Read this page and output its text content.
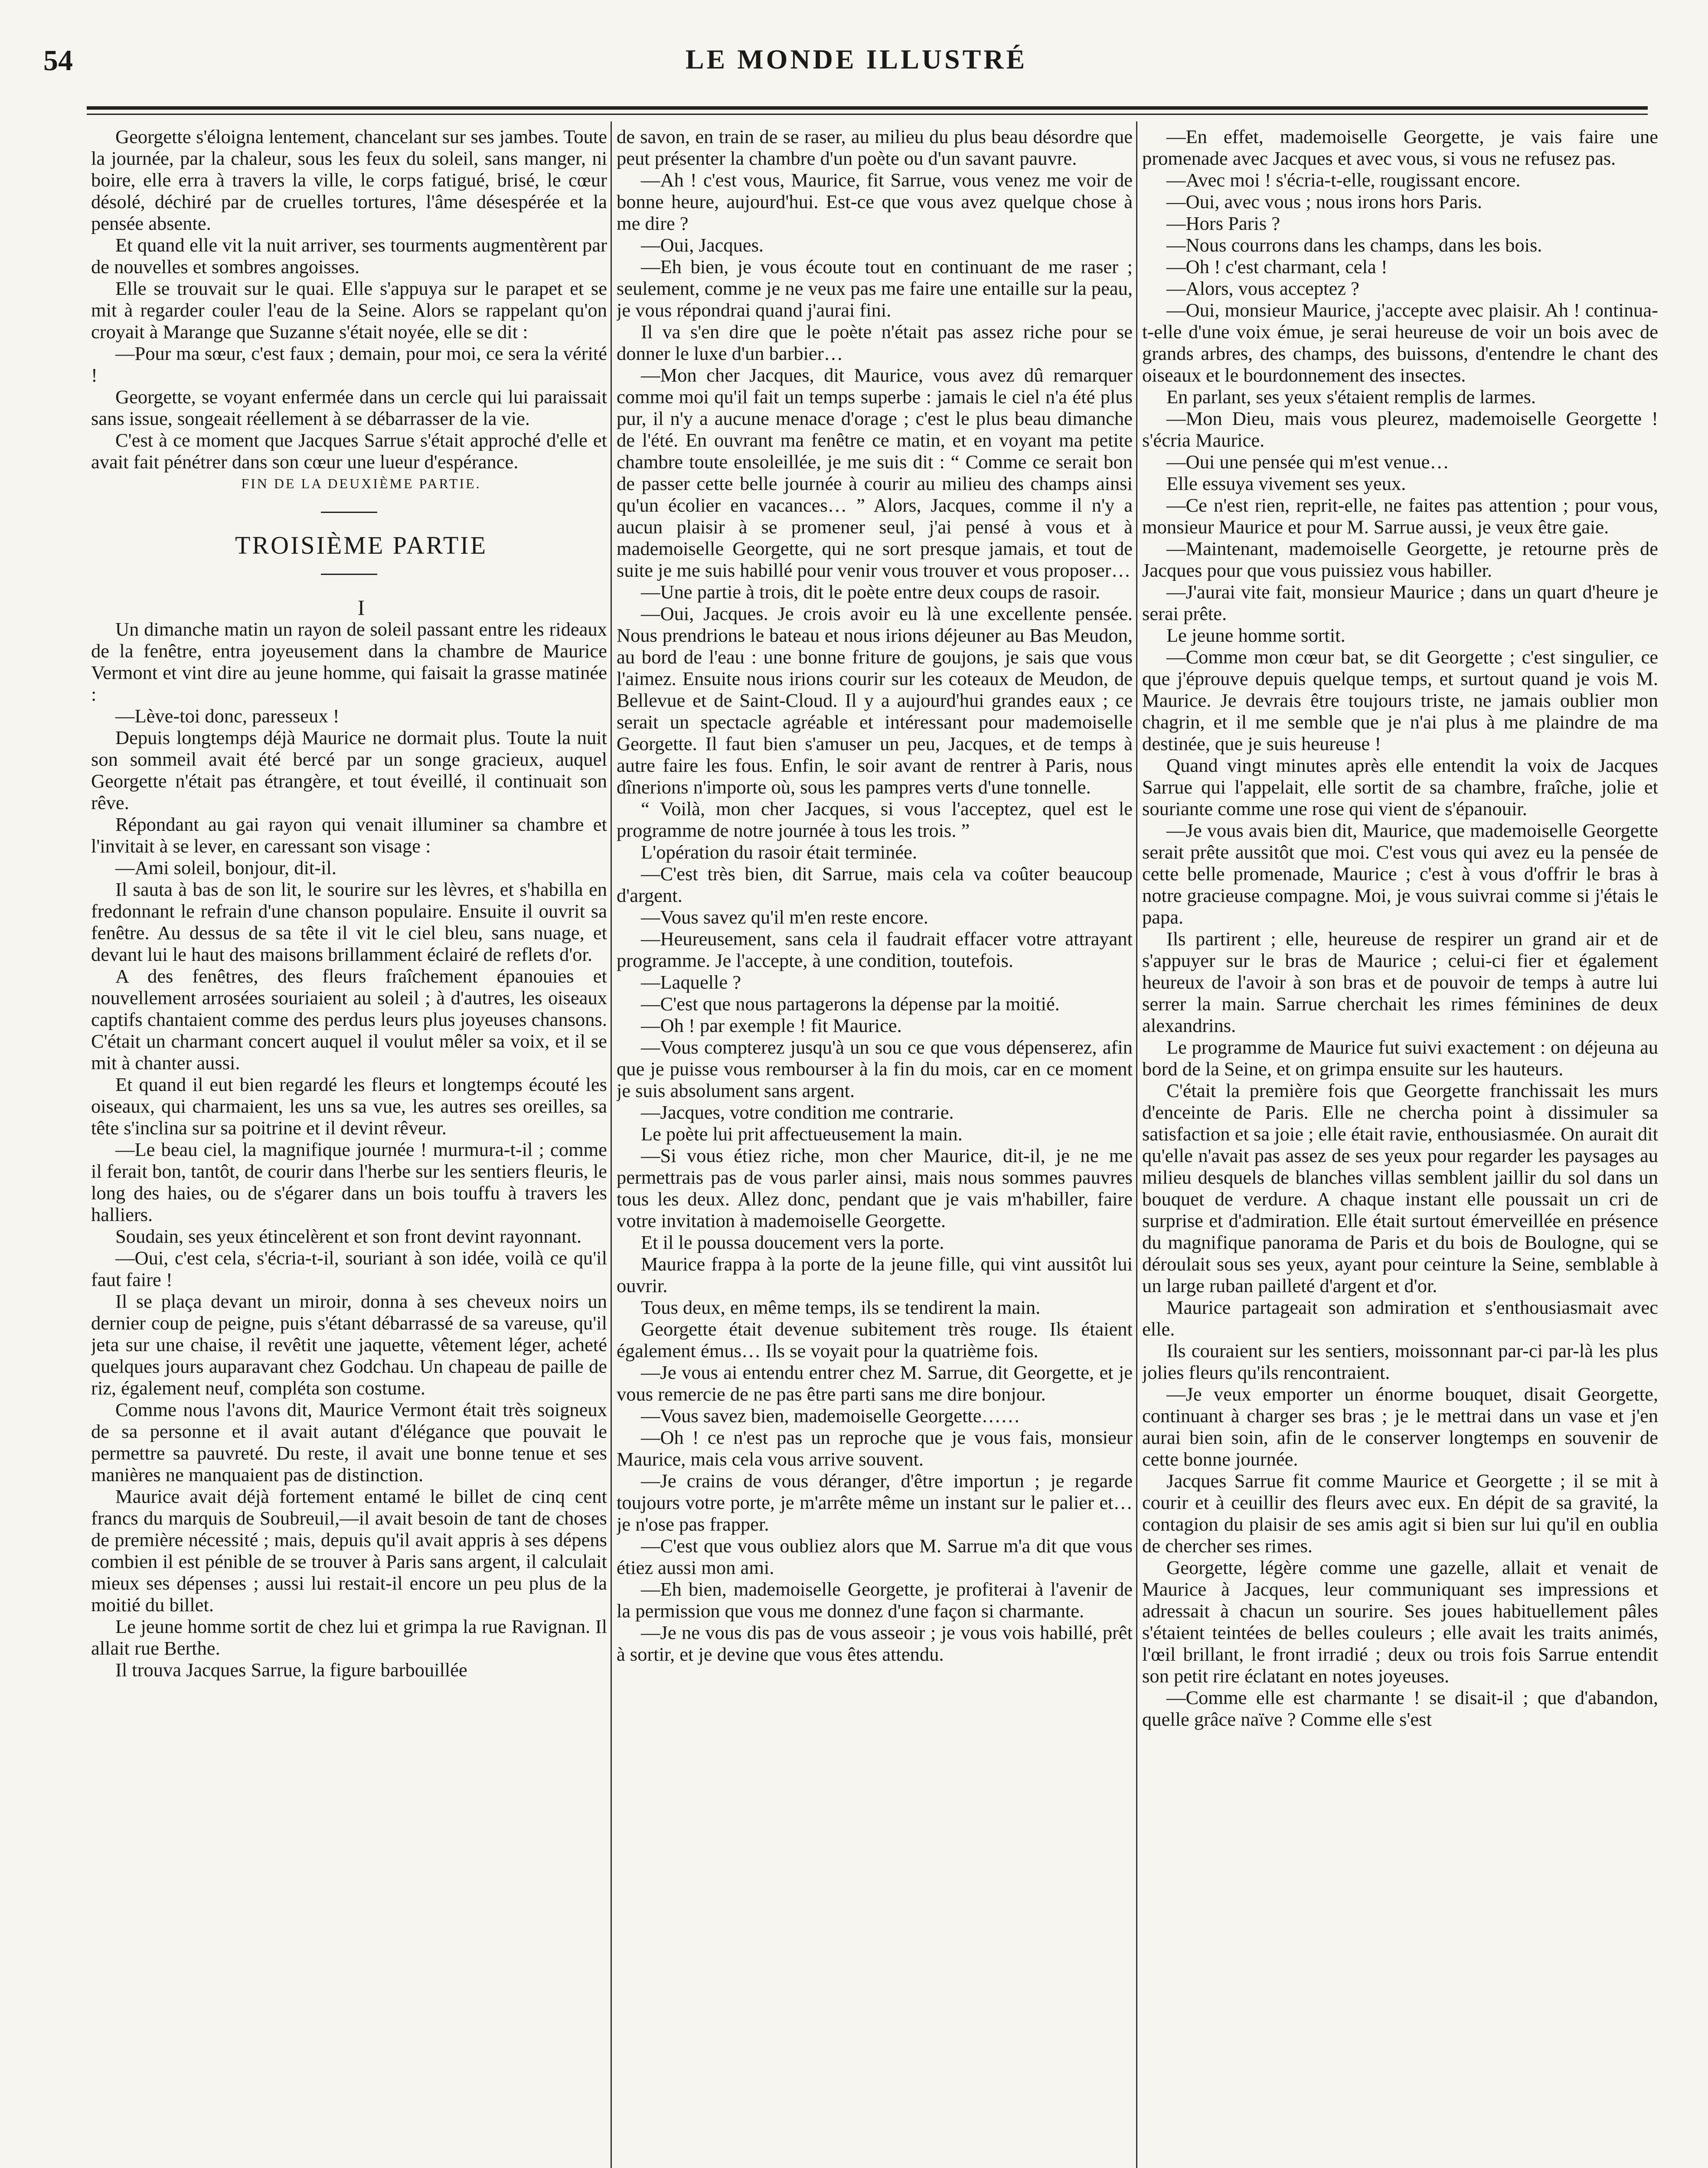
54	LE MONDE ILLUSTRÉ

Georgette s'éloigna lentement, chancelant sur ses jambes. Toute la journée, par la chaleur, sous les feux du soleil, sans manger, ni boire, elle erra à travers la ville, le corps fatigué, brisé, le cœur désolé, déchiré par de cruelles tortures, l'âme désespérée et la pensée absente.

Et quand elle vit la nuit arriver, ses tourments augmentèrent par de nouvelles et sombres angoisses.

Elle se trouvait sur le quai. Elle s'appuya sur le parapet et se mit à regarder couler l'eau de la Seine. Alors se rappelant qu'on croyait à Marange que Suzanne s'était noyée, elle se dit :

—Pour ma sœur, c'est faux ; demain, pour moi, ce sera la vérité !

Georgette, se voyant enfermée dans un cercle qui lui paraissait sans issue, songeait réellement à se débarrasser de la vie.

C'est à ce moment que Jacques Sarrue s'était approché d'elle et avait fait pénétrer dans son cœur une lueur d'espérance.

FIN DE LA DEUXIÈME PARTIE.

TROISIÈME PARTIE

I

Un dimanche matin un rayon de soleil passant entre les rideaux de la fenêtre, entra joyeusement dans la chambre de Maurice Vermont et vint dire au jeune homme, qui faisait la grasse matinée :

—Lève-toi donc, paresseux !

Depuis longtemps déjà Maurice ne dormait plus. Toute la nuit son sommeil avait été bercé par un songe gracieux, auquel Georgette n'était pas étrangère, et tout éveillé, il continuait son rêve.

Répondant au gai rayon qui venait illuminer sa chambre et l'invitait à se lever, en caressant son visage :

—Ami soleil, bonjour, dit-il.

Il sauta à bas de son lit, le sourire sur les lèvres, et s'habilla en fredonnant le refrain d'une chanson populaire. Ensuite il ouvrit sa fenêtre. Au dessus de sa tête il vit le ciel bleu, sans nuage, et devant lui le haut des maisons brillamment éclairé de reflets d'or.

A des fenêtres, des fleurs fraîchement épanouies et nouvellement arrosées souriaient au soleil ; à d'autres, les oiseaux captifs chantaient comme des perdus leurs plus joyeuses chansons. C'était un charmant concert auquel il voulut mêler sa voix, et il se mit à chanter aussi.

Et quand il eut bien regardé les fleurs et longtemps écouté les oiseaux, qui charmaient, les uns sa vue, les autres ses oreilles, sa tête s'inclina sur sa poitrine et il devint rêveur.

—Le beau ciel, la magnifique journée ! murmura-t-il ; comme il ferait bon, tantôt, de courir dans l'herbe sur les sentiers fleuris, le long des haies, ou de s'égarer dans un bois touffu à travers les halliers.

Soudain, ses yeux étincelèrent et son front devint rayonnant.

—Oui, c'est cela, s'écria-t-il, souriant à son idée, voilà ce qu'il faut faire !

Il se plaça devant un miroir, donna à ses cheveux noirs un dernier coup de peigne, puis s'étant débarrassé de sa vareuse, qu'il jeta sur une chaise, il revêtit une jaquette, vêtement léger, acheté quelques jours auparavant chez Godchau. Un chapeau de paille de riz, également neuf, compléta son costume.

Comme nous l'avons dit, Maurice Vermont était très soigneux de sa personne et il avait autant d'élégance que pouvait le permettre sa pauvreté. Du reste, il avait une bonne tenue et ses manières ne manquaient pas de distinction.

Maurice avait déjà fortement entamé le billet de cinq cent francs du marquis de Soubreuil,—il avait besoin de tant de choses de première nécessité ; mais, depuis qu'il avait appris à ses dépens combien il est pénible de se trouver à Paris sans argent, il calculait mieux ses dépenses ; aussi lui restait-il encore un peu plus de la moitié du billet.

Le jeune homme sortit de chez lui et grimpa la rue Ravignan. Il allait rue Berthe.

Il trouva Jacques Sarrue, la figure barbouillée

de savon, en train de se raser, au milieu du plus beau désordre que peut présenter la chambre d'un poète ou d'un savant pauvre.

—Ah ! c'est vous, Maurice, fit Sarrue, vous venez me voir de bonne heure, aujourd'hui. Est-ce que vous avez quelque chose à me dire ?

—Oui, Jacques.

—Eh bien, je vous écoute tout en continuant de me raser ; seulement, comme je ne veux pas me faire une entaille sur la peau, je vous répondrai quand j'aurai fini.

Il va s'en dire que le poète n'était pas assez riche pour se donner le luxe d'un barbier…

—Mon cher Jacques, dit Maurice, vous avez dû remarquer comme moi qu'il fait un temps superbe : jamais le ciel n'a été plus pur, il n'y a aucune menace d'orage ; c'est le plus beau dimanche de l'été. En ouvrant ma fenêtre ce matin, et en voyant ma petite chambre toute ensoleillée, je me suis dit : “ Comme ce serait bon de passer cette belle journée à courir au milieu des champs ainsi qu'un écolier en vacances… ” Alors, Jacques, comme il n'y a aucun plaisir à se promener seul, j'ai pensé à vous et à mademoiselle Georgette, qui ne sort presque jamais, et tout de suite je me suis habillé pour venir vous trouver et vous proposer…

—Une partie à trois, dit le poète entre deux coups de rasoir.

—Oui, Jacques. Je crois avoir eu là une excellente pensée. Nous prendrions le bateau et nous irions déjeuner au Bas Meudon, au bord de l'eau : une bonne friture de goujons, je sais que vous l'aimez. Ensuite nous irions courir sur les coteaux de Meudon, de Bellevue et de Saint-Cloud. Il y a aujourd'hui grandes eaux ; ce serait un spectacle agréable et intéressant pour mademoiselle Georgette. Il faut bien s'amuser un peu, Jacques, et de temps à autre faire les fous. Enfin, le soir avant de rentrer à Paris, nous dînerions n'importe où, sous les pampres verts d'une tonnelle.

“ Voilà, mon cher Jacques, si vous l'acceptez, quel est le programme de notre journée à tous les trois. ”

L'opération du rasoir était terminée.

—C'est très bien, dit Sarrue, mais cela va coûter beaucoup d'argent.

—Vous savez qu'il m'en reste encore.

—Heureusement, sans cela il faudrait effacer votre attrayant programme. Je l'accepte, à une condition, toutefois.

—Laquelle ?

—C'est que nous partagerons la dépense par la moitié.

—Oh ! par exemple ! fit Maurice.

—Vous compterez jusqu'à un sou ce que vous dépenserez, afin que je puisse vous rembourser à la fin du mois, car en ce moment je suis absolument sans argent.

—Jacques, votre condition me contrarie.

Le poète lui prit affectueusement la main.

—Si vous étiez riche, mon cher Maurice, dit-il, je ne me permettrais pas de vous parler ainsi, mais nous sommes pauvres tous les deux. Allez donc, pendant que je vais m'habiller, faire votre invitation à mademoiselle Georgette.

Et il le poussa doucement vers la porte.

Maurice frappa à la porte de la jeune fille, qui vint aussitôt lui ouvrir.

Tous deux, en même temps, ils se tendirent la main.

Georgette était devenue subitement très rouge. Ils étaient également émus… Ils se voyait pour la quatrième fois.

—Je vous ai entendu entrer chez M. Sarrue, dit Georgette, et je vous remercie de ne pas être parti sans me dire bonjour.

—Vous savez bien, mademoiselle Georgette……

—Oh ! ce n'est pas un reproche que je vous fais, monsieur Maurice, mais cela vous arrive souvent.

—Je crains de vous déranger, d'être importun ; je regarde toujours votre porte, je m'arrête même un instant sur le palier et… je n'ose pas frapper.

—C'est que vous oubliez alors que M. Sarrue m'a dit que vous étiez aussi mon ami.

—Eh bien, mademoiselle Georgette, je profiterai à l'avenir de la permission que vous me donnez d'une façon si charmante.

—Je ne vous dis pas de vous asseoir ; je vous vois habillé, prêt à sortir, et je devine que vous êtes attendu.

—En effet, mademoiselle Georgette, je vais faire une promenade avec Jacques et avec vous, si vous ne refusez pas.

—Avec moi ! s'écria-t-elle, rougissant encore.

—Oui, avec vous ; nous irons hors Paris.

—Hors Paris ?

—Nous courrons dans les champs, dans les bois.

—Oh ! c'est charmant, cela !

—Alors, vous acceptez ?

—Oui, monsieur Maurice, j'accepte avec plaisir. Ah ! continua-t-elle d'une voix émue, je serai heureuse de voir un bois avec de grands arbres, des champs, des buissons, d'entendre le chant des oiseaux et le bourdonnement des insectes.

En parlant, ses yeux s'étaient remplis de larmes.

—Mon Dieu, mais vous pleurez, mademoiselle Georgette ! s'écria Maurice.

—Oui une pensée qui m'est venue…

Elle essuya vivement ses yeux.

—Ce n'est rien, reprit-elle, ne faites pas attention ; pour vous, monsieur Maurice et pour M. Sarrue aussi, je veux être gaie.

—Maintenant, mademoiselle Georgette, je retourne près de Jacques pour que vous puissiez vous habiller.

—J'aurai vite fait, monsieur Maurice ; dans un quart d'heure je serai prête.

Le jeune homme sortit.

—Comme mon cœur bat, se dit Georgette ; c'est singulier, ce que j'éprouve depuis quelque temps, et surtout quand je vois M. Maurice. Je devrais être toujours triste, ne jamais oublier mon chagrin, et il me semble que je n'ai plus à me plaindre de ma destinée, que je suis heureuse !

Quand vingt minutes après elle entendit la voix de Jacques Sarrue qui l'appelait, elle sortit de sa chambre, fraîche, jolie et souriante comme une rose qui vient de s'épanouir.

—Je vous avais bien dit, Maurice, que mademoiselle Georgette serait prête aussitôt que moi. C'est vous qui avez eu la pensée de cette belle promenade, Maurice ; c'est à vous d'offrir le bras à notre gracieuse compagne. Moi, je vous suivrai comme si j'étais le papa.

Ils partirent ; elle, heureuse de respirer un grand air et de s'appuyer sur le bras de Maurice ; celui-ci fier et également heureux de l'avoir à son bras et de pouvoir de temps à autre lui serrer la main. Sarrue cherchait les rimes féminines de deux alexandrins.

Le programme de Maurice fut suivi exactement : on déjeuna au bord de la Seine, et on grimpa ensuite sur les hauteurs.

C'était la première fois que Georgette franchissait les murs d'enceinte de Paris. Elle ne chercha point à dissimuler sa satisfaction et sa joie ; elle était ravie, enthousiasmée. On aurait dit qu'elle n'avait pas assez de ses yeux pour regarder les paysages au milieu desquels de blanches villas semblent jaillir du sol dans un bouquet de verdure. A chaque instant elle poussait un cri de surprise et d'admiration. Elle était surtout émerveillée en présence du magnifique panorama de Paris et du bois de Boulogne, qui se déroulait sous ses yeux, ayant pour ceinture la Seine, semblable à un large ruban pailleté d'argent et d'or.

Maurice partageait son admiration et s'enthousiasmait avec elle.

Ils couraient sur les sentiers, moissonnant par-ci par-là les plus jolies fleurs qu'ils rencontraient.

—Je veux emporter un énorme bouquet, disait Georgette, continuant à charger ses bras ; je le mettrai dans un vase et j'en aurai bien soin, afin de le conserver longtemps en souvenir de cette bonne journée.

Jacques Sarrue fit comme Maurice et Georgette ; il se mit à courir et à ceuillir des fleurs avec eux. En dépit de sa gravité, la contagion du plaisir de ses amis agit si bien sur lui qu'il en oublia de chercher ses rimes.

Georgette, légère comme une gazelle, allait et venait de Maurice à Jacques, leur communiquant ses impressions et adressait à chacun un sourire. Ses joues habituellement pâles s'étaient teintées de belles couleurs ; elle avait les traits animés, l'œil brillant, le front irradié ; deux ou trois fois Sarrue entendit son petit rire éclatant en notes joyeuses.

—Comme elle est charmante ! se disait-il ; que d'abandon, quelle grâce naïve ? Comme elle s'est
